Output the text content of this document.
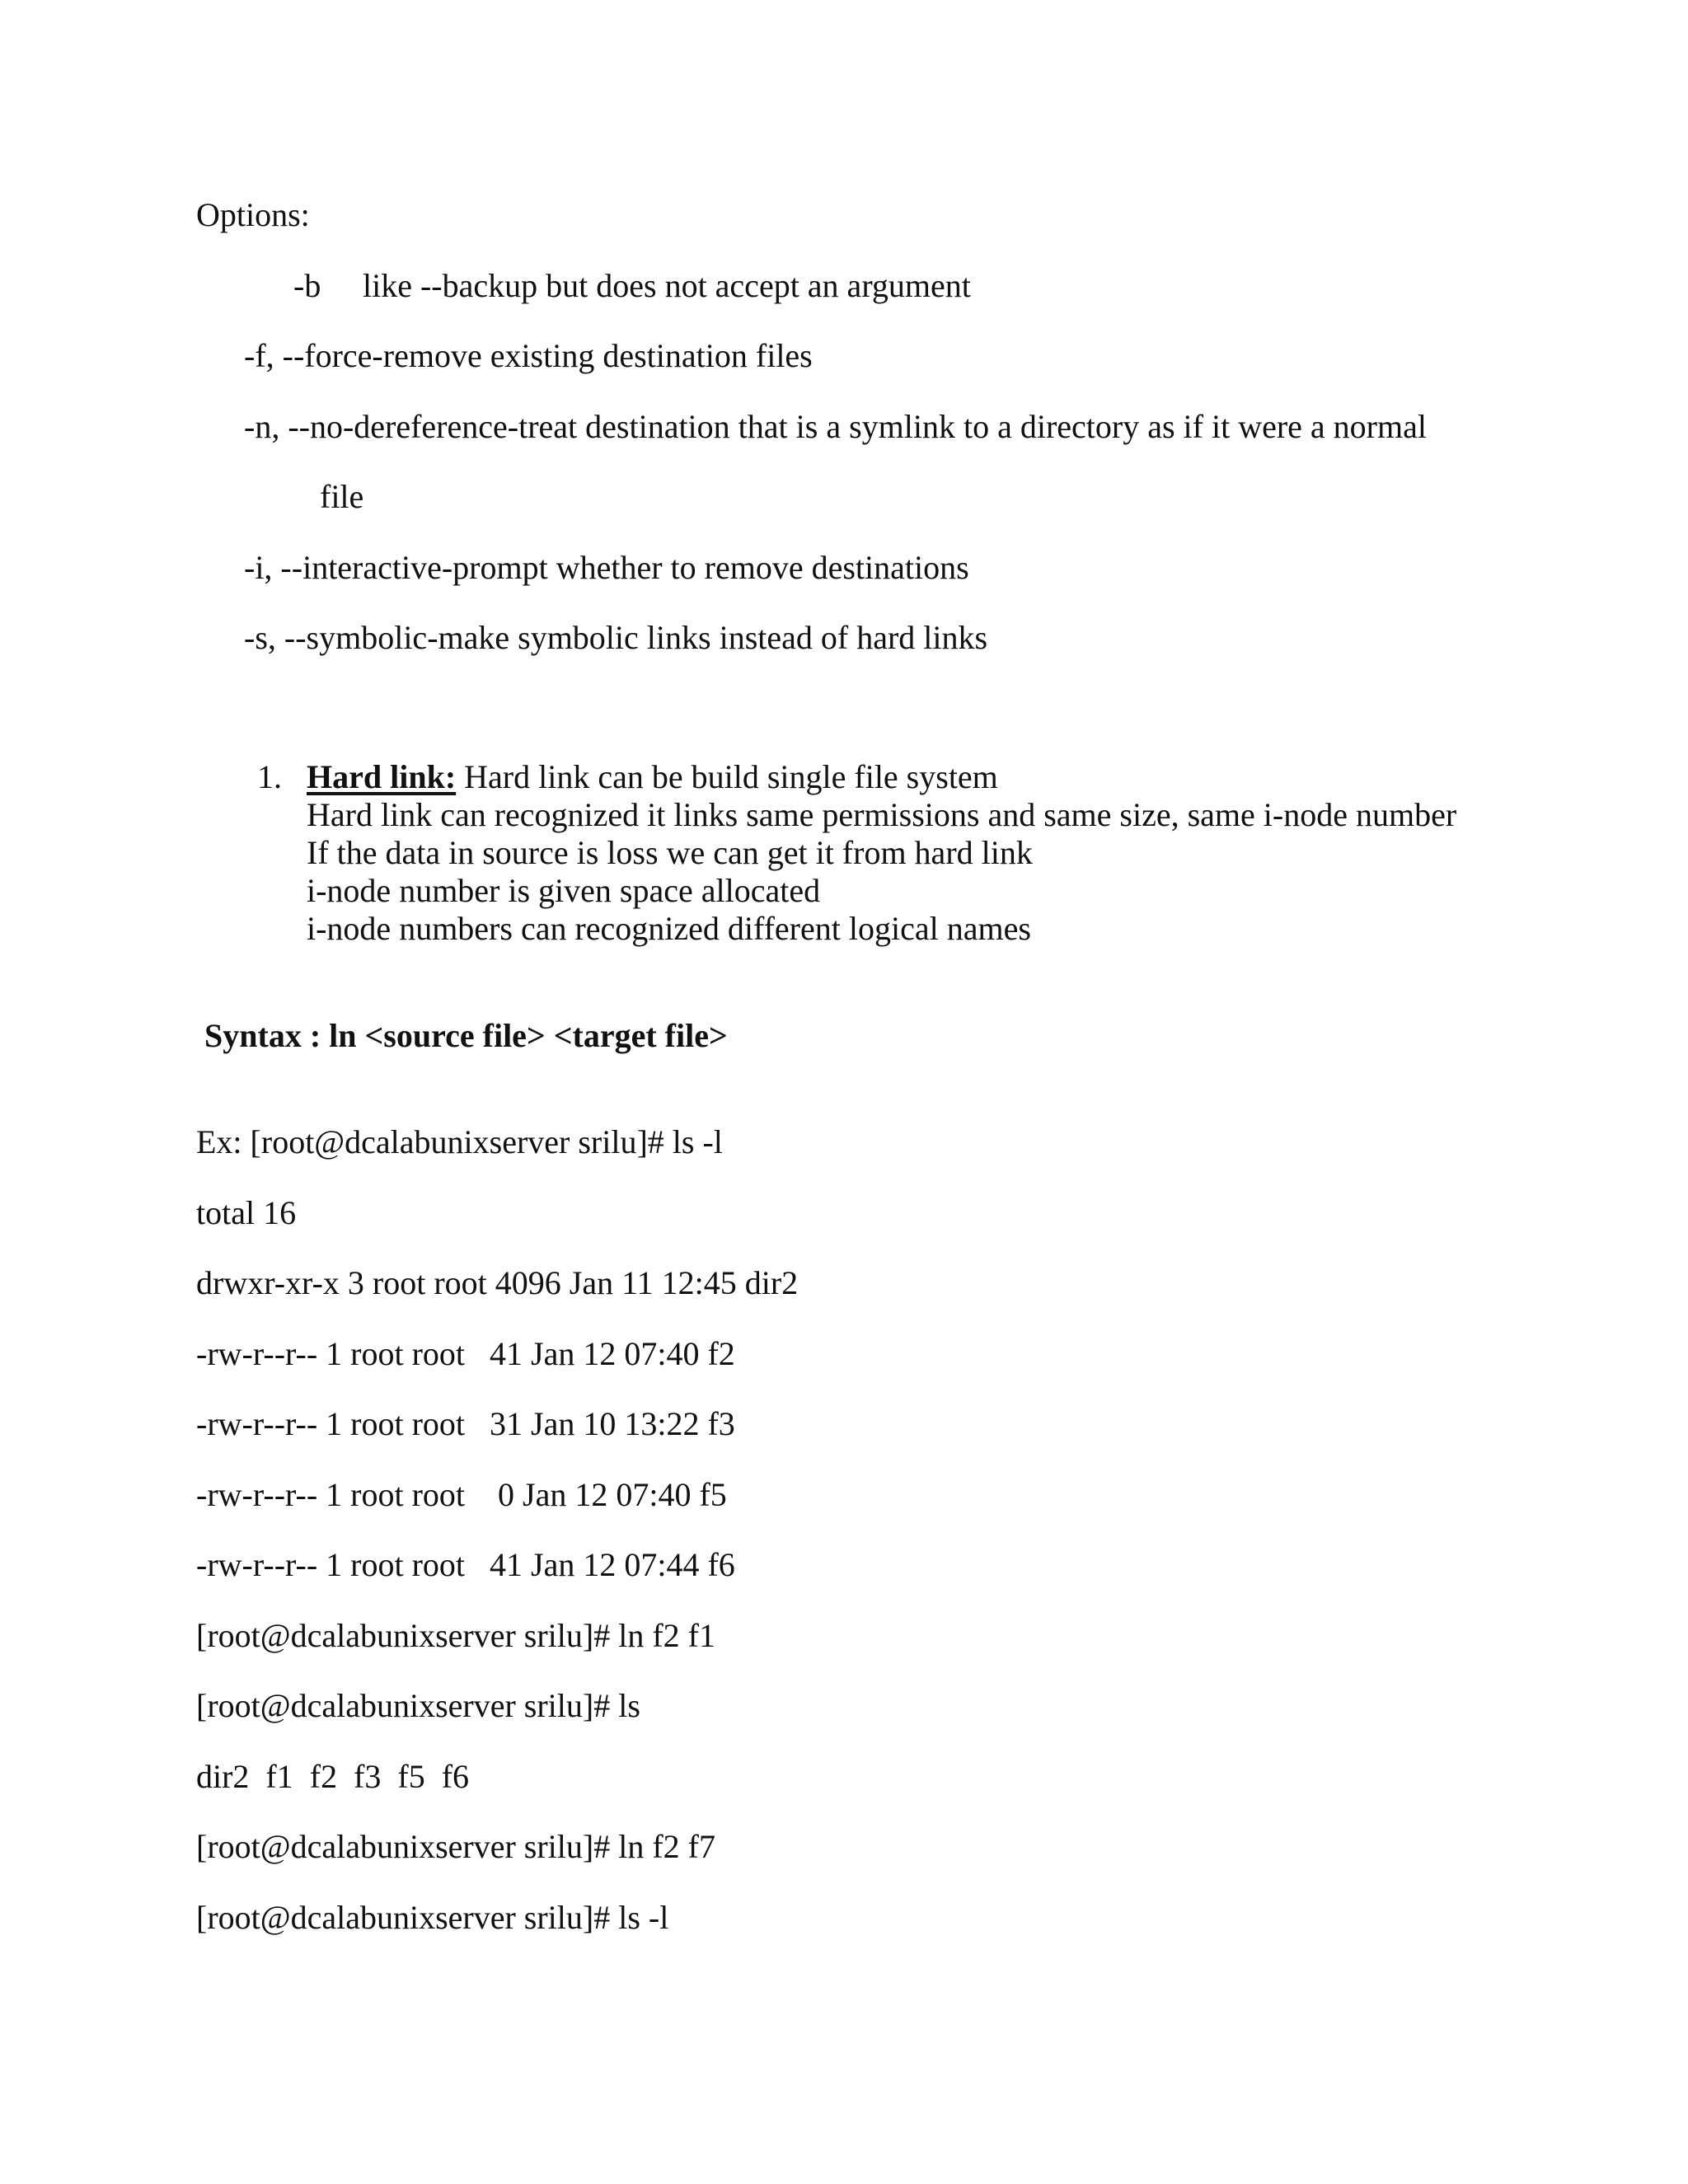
Options:
-b like --backup but does not accept an argument
-f, --force-remove existing destination files
-n, --no-dereference-treat destination that is a symlink to a directory as if it were a normal
file
-i, --interactive-prompt whether to remove destinations
-s, --symbolic-make symbolic links instead of hard links
1. Hard link: Hard link can be build single file system
Hard link can recognized it links same permissions and same size, same i-node number
If the data in source is loss we can get it from hard link
i-node number is given space allocated
i-node numbers can recognized different logical names
Syntax : ln <source file> <target file>
Ex: [root@dcalabunixserver srilu]# ls -l
total 16
drwxr-xr-x 3 root root 4096 Jan 11 12:45 dir2
-rw-r--r-- 1 root root   41 Jan 12 07:40 f2
-rw-r--r-- 1 root root   31 Jan 10 13:22 f3
-rw-r--r-- 1 root root    0 Jan 12 07:40 f5
-rw-r--r-- 1 root root   41 Jan 12 07:44 f6
[root@dcalabunixserver srilu]# ln f2 f1
[root@dcalabunixserver srilu]# ls
dir2  f1  f2  f3  f5  f6
[root@dcalabunixserver srilu]# ln f2 f7
[root@dcalabunixserver srilu]# ls -l
